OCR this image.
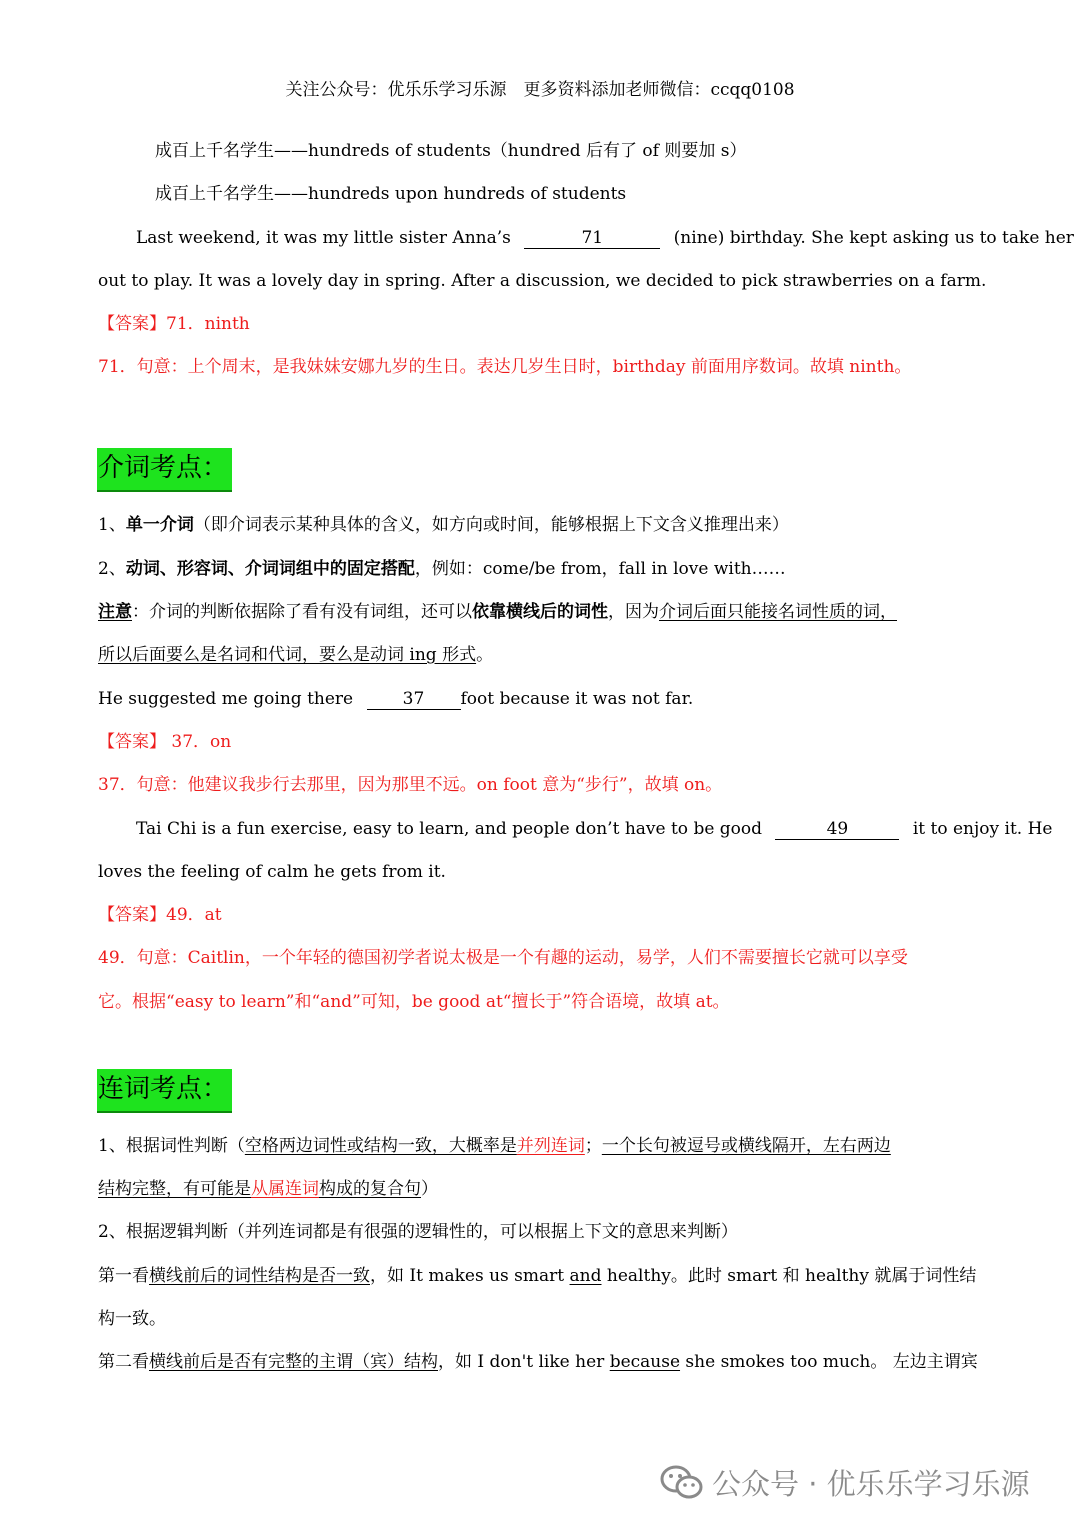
关注公众号：优乐乐学习乐源　更多资料添加老师微信：ccqq0108
成百上千名学生——hundreds of students（hundred 后有了 of 则要加 s）
成百上千名学生——hundreds upon hundreds of students
Last weekend, it was my little sister Anna’s	71	(nine) birthday. She kept asking us to take her
out to play. It was a lovely day in spring. After a discussion, we decided to pick strawberries on a farm.
【答案】71．ninth
71．句意：上个周末，是我妹妹安娜九岁的生日。表达几岁生日时，birthday 前面用序数词。故填 ninth。
介词考点：
1、单一介词（即介词表示某种具体的含义，如方向或时间，能够根据上下文含义推理出来）
2、动词、形容词、介词词组中的固定搭配，例如：come/be from，fall in love with……
注意：介词的判断依据除了看有没有词组，还可以依靠横线后的词性，因为介词后面只能接名词性质的词，
所以后面要么是名词和代词，要么是动词 ing 形式。
He suggested me going there	37 foot because it was not far.
【答案】 37．on
37．句意：他建议我步行去那里，因为那里不远。on foot 意为“步行”，故填 on。
Tai Chi is a fun exercise, easy to learn, and people don’t have to be good	49	it to enjoy it. He
loves the feeling of calm he gets from it.
【答案】49．at
49．句意：Caitlin，一个年轻的德国初学者说太极是一个有趣的运动，易学，人们不需要擅长它就可以享受
它。根据“easy to learn”和“and”可知，be good at“擅长于”符合语境，故填 at。
连词考点：
1、根据词性判断（空格两边词性或结构一致，大概率是并列连词；一个长句被逗号或横线隔开，左右两边
结构完整，有可能是从属连词构成的复合句）
2、根据逻辑判断（并列连词都是有很强的逻辑性的，可以根据上下文的意思来判断）
第一看横线前后的词性结构是否一致，如 It makes us smart and healthy。此时 smart 和 healthy 就属于词性结
构一致。
第二看横线前后是否有完整的主谓（宾）结构，如 I don't like her because she smokes too much。 左边主谓宾
公众号 · 优乐乐学习乐源
